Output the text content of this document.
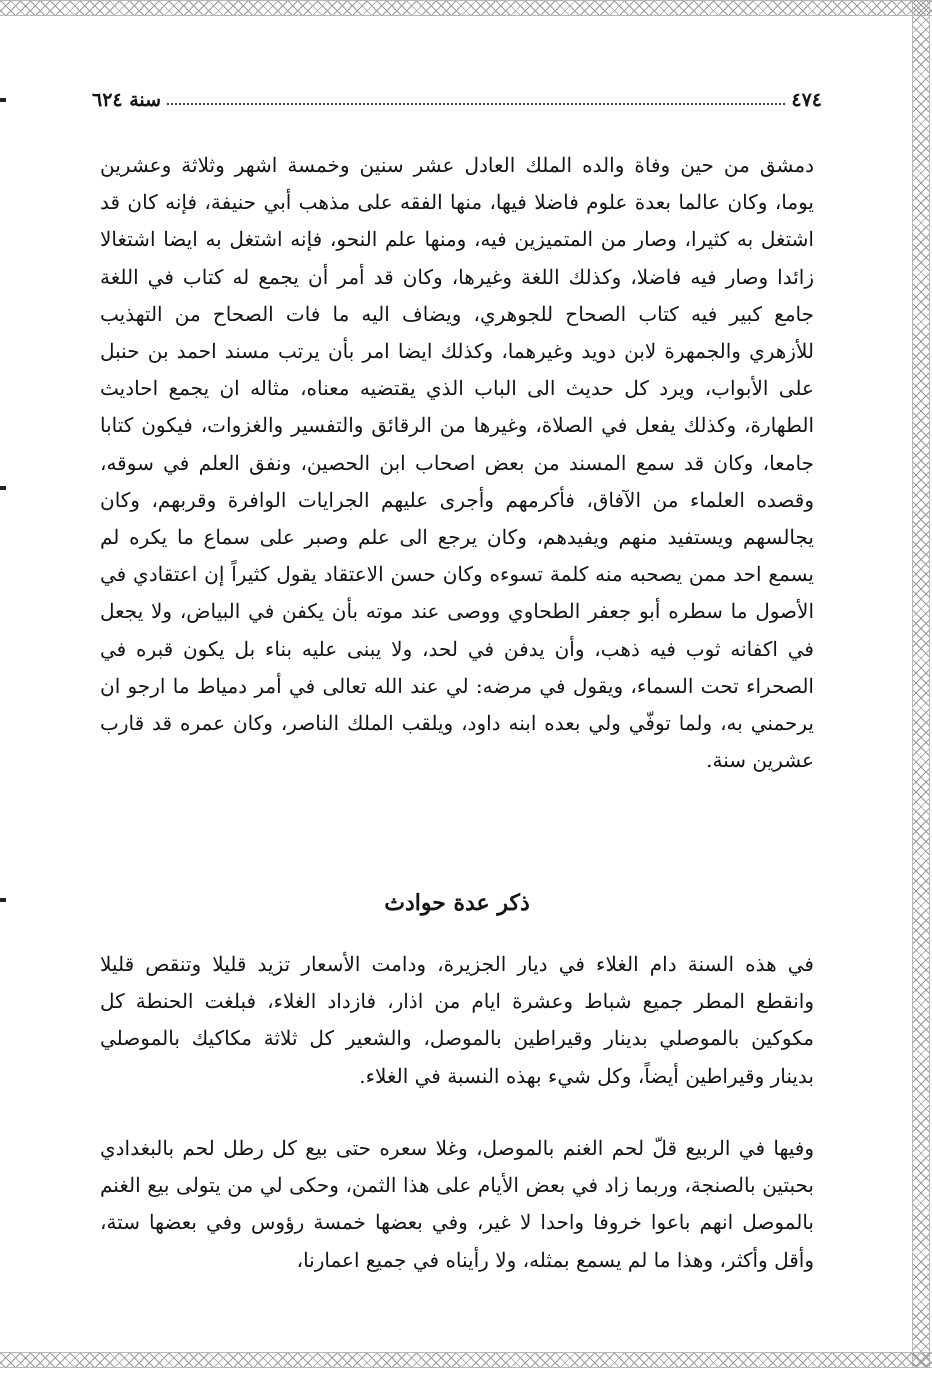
٤٧٤
سنة ٦٢٤

دمشق من حين وفاة والده الملك العادل عشر سنين وخمسة اشهر وثلاثة وعشرين يوما، وكان عالما بعدة علوم فاضلا فيها، منها الفقه على مذهب أبي حنيفة، فإنه كان قد اشتغل به كثيرا، وصار من المتميزين فيه، ومنها علم النحو، فإنه اشتغل به ايضا اشتغالا زائدا وصار فيه فاضلا، وكذلك اللغة وغيرها، وكان قد أمر أن يجمع له كتاب في اللغة جامع كبير فيه كتاب الصحاح للجوهري، ويضاف اليه ما فات الصحاح من التهذيب للأزهري والجمهرة لابن دويد وغيرهما، وكذلك ايضا امر بأن يرتب مسند احمد بن حنبل على الأبواب، ويرد كل حديث الى الباب الذي يقتضيه معناه، مثاله ان يجمع احاديث الطهارة، وكذلك يفعل في الصلاة، وغيرها من الرقائق والتفسير والغزوات، فيكون كتابا جامعا، وكان قد سمع المسند من بعض اصحاب ابن الحصين، ونفق العلم في سوقه، وقصده العلماء من الآفاق، فأكرمهم وأجرى عليهم الجرايات الوافرة وقربهم، وكان يجالسهم ويستفيد منهم ويفيدهم، وكان يرجع الى علم وصبر على سماع ما يكره لم يسمع احد ممن يصحبه منه كلمة تسوءه وكان حسن الاعتقاد يقول كثيراً إن اعتقادي في الأصول ما سطره أبو جعفر الطحاوي ووصى عند موته بأن يكفن في البياض، ولا يجعل في اكفانه ثوب فيه ذهب، وأن يدفن في لحد، ولا يبنى عليه بناء بل يكون قبره في الصحراء تحت السماء، ويقول في مرضه: لي عند الله تعالى في أمر دمياط ما ارجو ان يرحمني به، ولما توفّي ولي بعده ابنه داود، ويلقب الملك الناصر، وكان عمره قد قارب عشرين سنة.

ذكر عدة حوادث

في هذه السنة دام الغلاء في ديار الجزيرة، ودامت الأسعار تزيد قليلا وتنقص قليلا وانقطع المطر جميع شباط وعشرة ايام من اذار، فازداد الغلاء، فبلغت الحنطة كل مكوكين بالموصلي بدينار وقيراطين بالموصل، والشعير كل ثلاثة مكاكيك بالموصلي بدينار وقيراطين أيضاً، وكل شيء بهذه النسبة في الغلاء.

وفيها في الربيع قلّ لحم الغنم بالموصل، وغلا سعره حتى بيع كل رطل لحم بالبغدادي بحبتين بالصنجة، وربما زاد في بعض الأيام على هذا الثمن، وحكى لي من يتولى بيع الغنم بالموصل انهم باعوا خروفا واحدا لا غير، وفي بعضها خمسة رؤوس وفي بعضها ستة، وأقل وأكثر، وهذا ما لم يسمع بمثله، ولا رأيناه في جميع اعمارنا،
